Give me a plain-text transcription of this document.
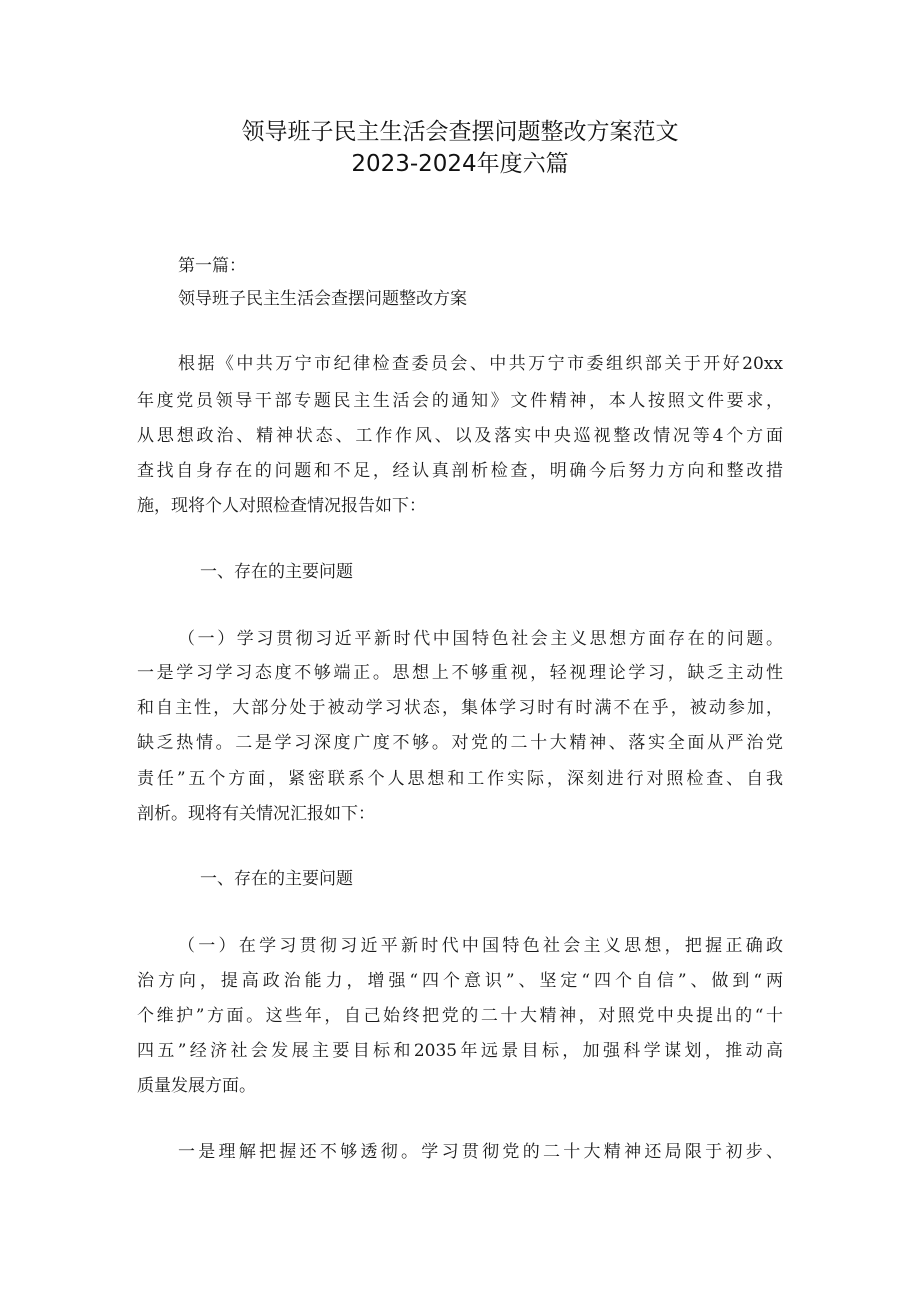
领导班子民主生活会查摆问题整改方案范文
2023-2024年度六篇
第一篇：
领导班子民主生活会查摆问题整改方案
根据《中共万宁市纪律检查委员会、中共万宁市委组织部关于开好20xx
年度党员领导干部专题民主生活会的通知》文件精神，本人按照文件要求，
从思想政治、精神状态、工作作风、以及落实中央巡视整改情况等4个方面
查找自身存在的问题和不足，经认真剖析检查，明确今后努力方向和整改措
施，现将个人对照检查情况报告如下：
一、存在的主要问题
（一）学习贯彻习近平新时代中国特色社会主义思想方面存在的问题。
一是学习学习态度不够端正。思想上不够重视，轻视理论学习，缺乏主动性
和自主性，大部分处于被动学习状态，集体学习时有时满不在乎，被动参加，
缺乏热情。二是学习深度广度不够。对党的二十大精神、落实全面从严治党
责任”五个方面，紧密联系个人思想和工作实际，深刻进行对照检查、自我
剖析。现将有关情况汇报如下：
一、存在的主要问题
（一）在学习贯彻习近平新时代中国特色社会主义思想，把握正确政
治方向，提高政治能力，增强“四个意识”、坚定“四个自信”、做到“两
个维护”方面。这些年，自己始终把党的二十大精神，对照党中央提出的“十
四五”经济社会发展主要目标和2035年远景目标，加强科学谋划，推动高
质量发展方面。
一是理解把握还不够透彻。学习贯彻党的二十大精神还局限于初步、
